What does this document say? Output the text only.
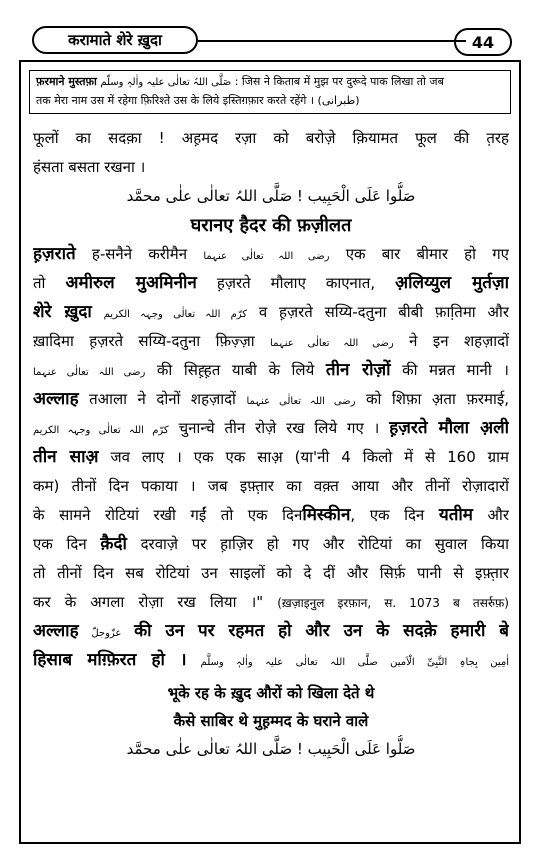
करामाते शेरे ख़ुदा	44
फ़रमाने मुस्तफ़ा صَلَّی اللہُ تعالٰی علیہ واٰلہٖ وسلّم : जिस ने किताब में मुझ पर दुरूदे पाक लिखा तो जब
तक मेरा नाम उस में रहेगा फ़िरिश्ते उस के लिये इस्तिग़फ़ार करते रहेंगे । (طبرانی)
फूलों का सदक़ा ! अह़मद रज़ा को बरोज़े क़ियामत फूल की त़रह
हंसता बसता रखना ।
صَلُّوا عَلَی الْحَبِیب ! صَلَّی اللہُ تعالٰی علٰی محمَّد
घरानए हैदर की फ़ज़ीलत
ह़ज़राते ह-सनैने करीमैन رضی اللہ تعالٰی عنہما एक बार बीमार हो गए
तो अमीरुल मुअमिनीन ह़ज़रते मौलाए काएनात, अ़लिय्युल मुर्तज़ा
शेरे ख़ुदा کرّم اللہ تعالٰی وجہہ الکریم व ह़ज़रते सय्यि-दतुना बीबी फ़ाति़मा और
ख़ादिमा ह़ज़रते सय्यि-दतुना फ़िज़्ज़ा رضی اللہ تعالٰی عنہما ने इन शहज़ादों
رضی اللہ تعالٰی عنہما की सिह़्ह़त याबी के लिये तीन रोज़ों की मन्नत मानी ।
अल्लाह तआला ने दोनों शहज़ादों رضی اللہ تعالٰی عنہما को शिफ़ा अ़ता फ़रमाई,
کرّم اللہ تعالٰی وجہہ الکریم चुनान्चे तीन रोज़े रख लिये गए । ह़ज़रते मौला अ़ली
तीन साअ़ जव लाए । एक एक साअ़ (या'नी 4 किलो में से 160 ग्राम
कम) तीनों दिन पकाया । जब इफ़्त़ार का वक़्त आया और तीनों रोज़ादारों
के सामने रोटियां रखी गईं तो एक दिनमिस्कीन, एक दिन यतीम और
एक दिन क़ैदी दरवाज़े पर ह़ाज़िर हो गए और रोटियां का सुवाल किया
तो तीनों दिन सब रोटियां उन साइलों को दे दीं और सिर्फ़ पानी से इफ़्त़ार
कर के अगला रोज़ा रख लिया ।" (ख़ज़ाइनुल इरफ़ान, स. 1073 ब तसर्रुफ़)
अल्लाह عزّوجلّ की उन पर रहमत हो और उन के सदक़े हमारी बे
हिसाब मग़्फ़िरत हो । اٰمِین بِجاہِ النَّبِیِّ الْاَمین صلَّی اللہ تعالٰی علیہ واٰلہٖ وسلَّم
भूके रह के ख़ुद औरों को खिला देते थे
कैसे साबिर थे मुह़म्मद के घराने वाले
صَلُّوا عَلَی الْحَبِیب ! صَلَّی اللہُ تعالٰی علٰی محمَّد
